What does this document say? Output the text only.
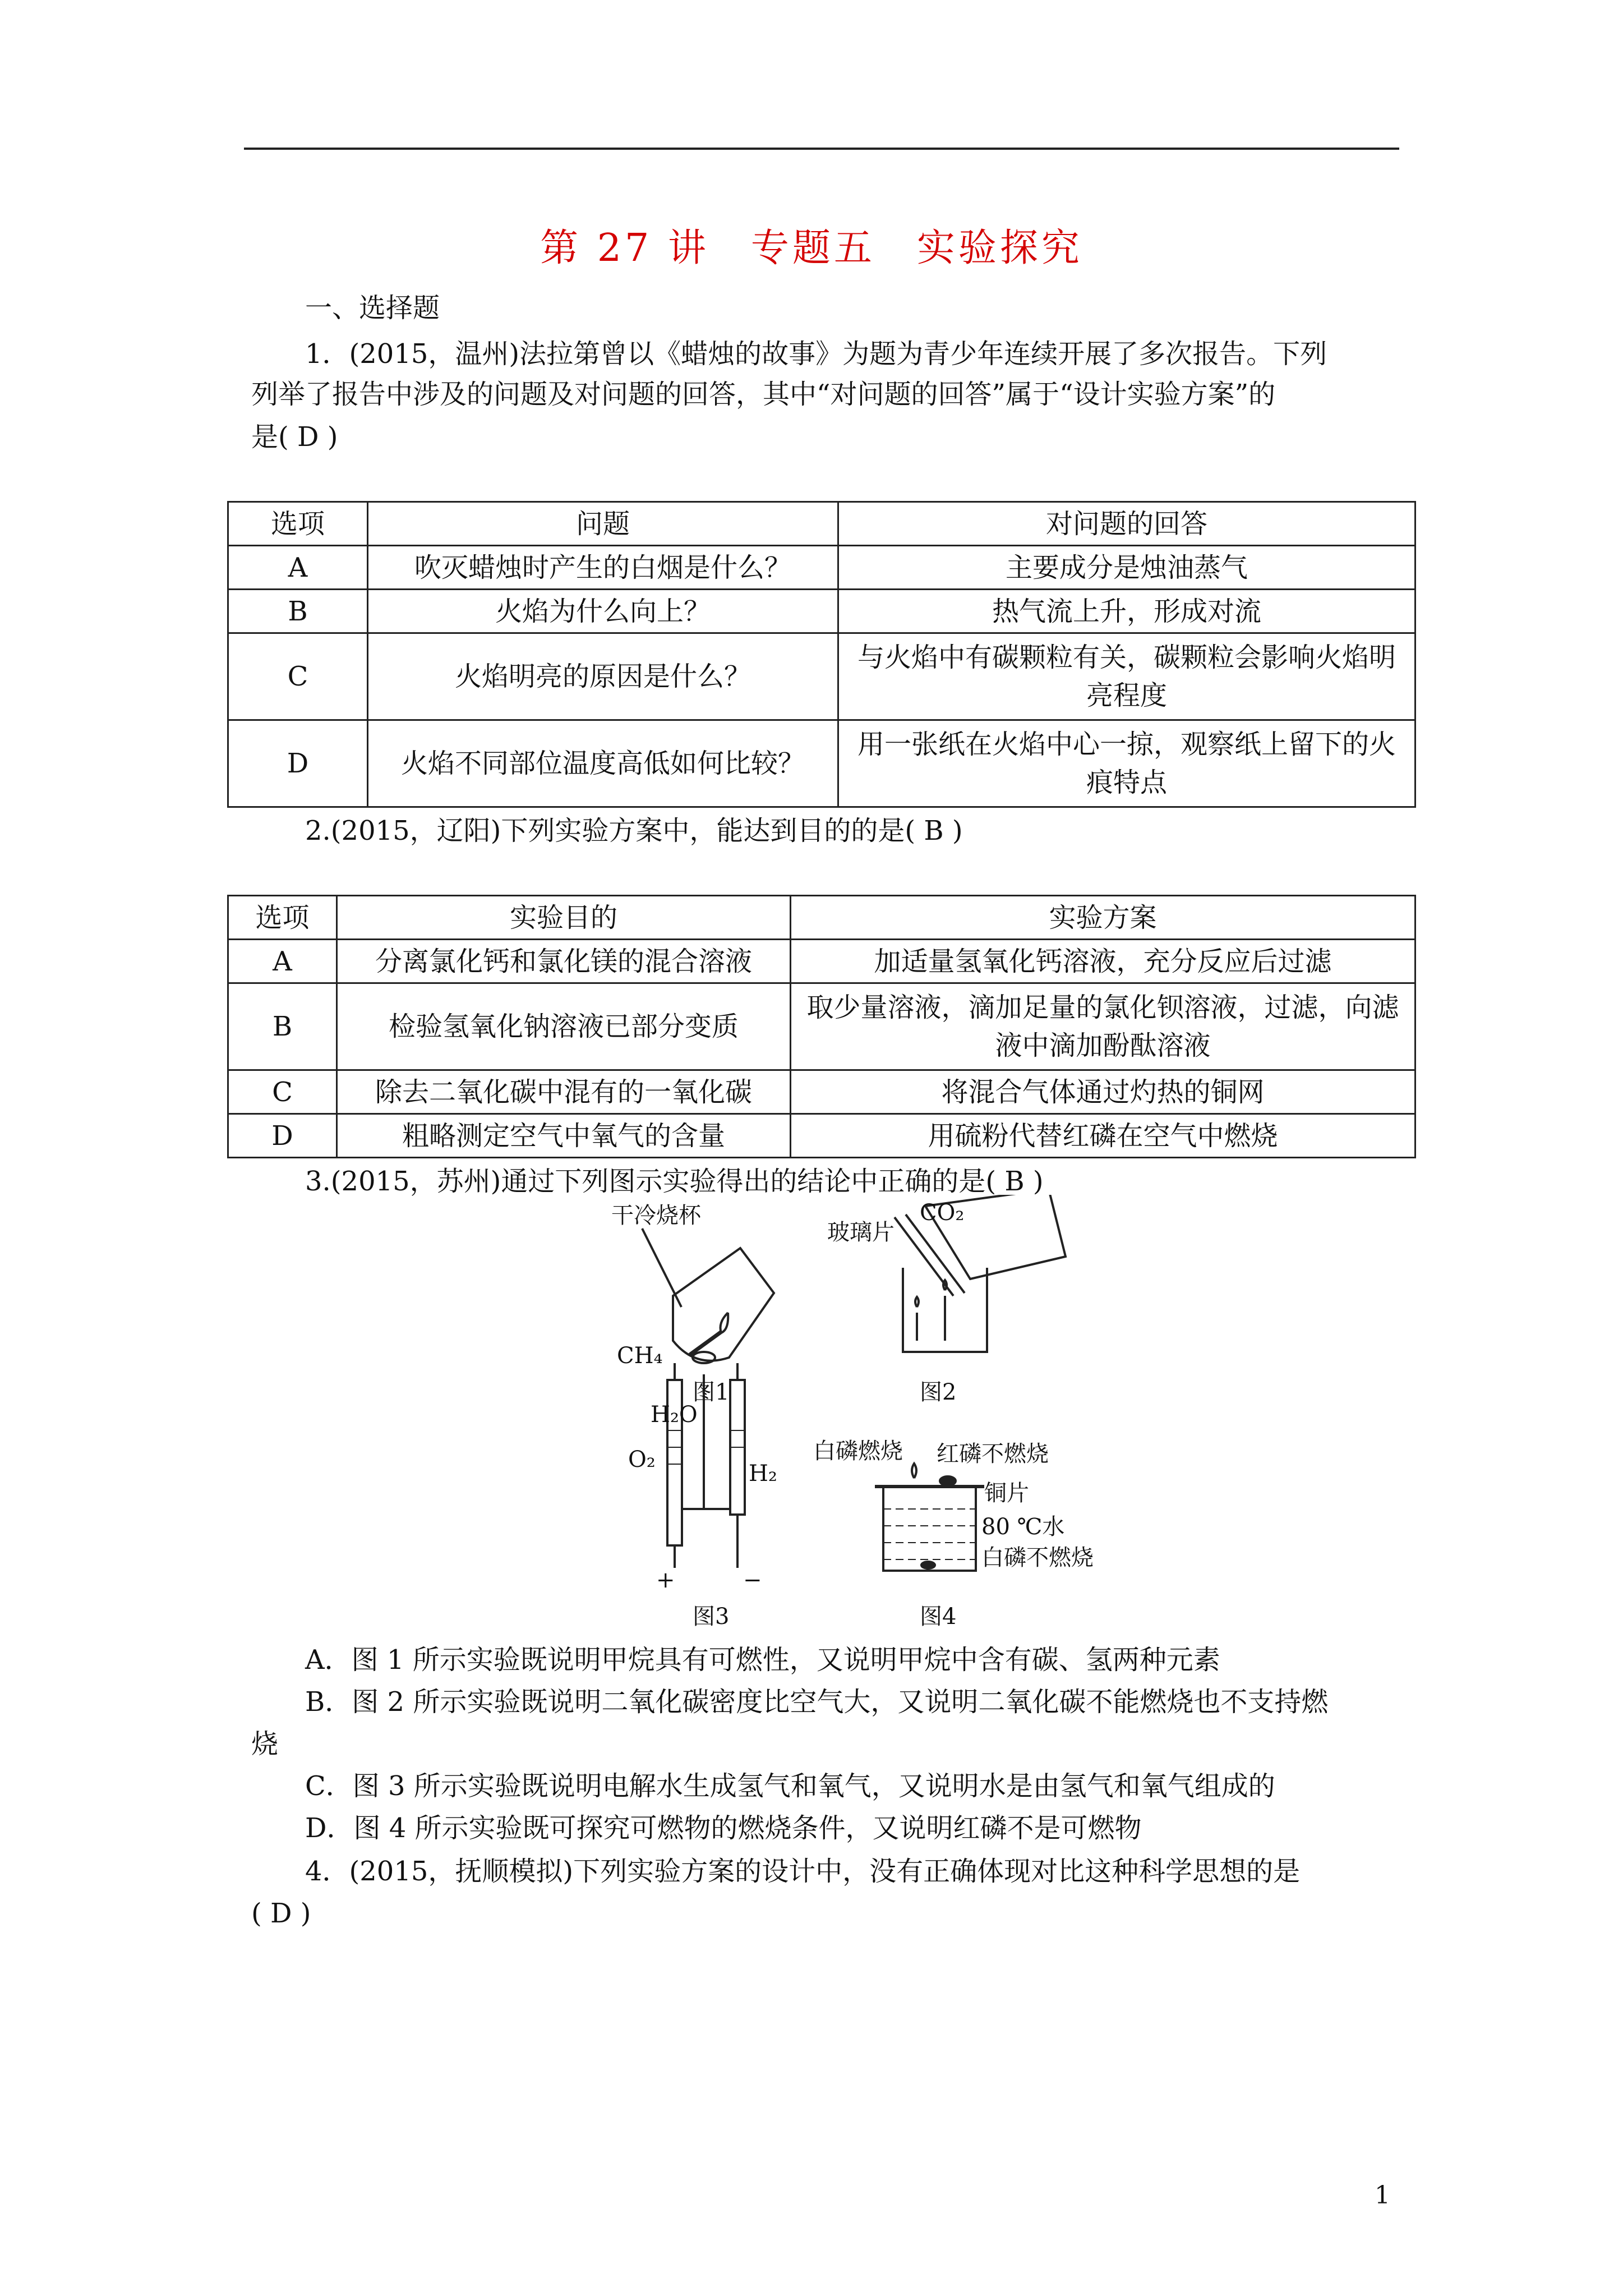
第 27 讲　专题五　实验探究
一、选择题
1．(2015，温州)法拉第曾以《蜡烛的故事》为题为青少年连续开展了多次报告。下列
列举了报告中涉及的问题及对问题的回答，其中“对问题的回答”属于“设计实验方案”的
是( D )
选项	问题	对问题的回答
A	吹灭蜡烛时产生的白烟是什么？	主要成分是烛油蒸气
B	火焰为什么向上？	热气流上升，形成对流
C	火焰明亮的原因是什么？	与火焰中有碳颗粒有关，碳颗粒会影响火焰明亮程度
D	火焰不同部位温度高低如何比较？	用一张纸在火焰中心一掠，观察纸上留下的火痕特点
2.(2015，辽阳)下列实验方案中，能达到目的的是( B )
选项	实验目的	实验方案
A	分离氯化钙和氯化镁的混合溶液	加适量氢氧化钙溶液，充分反应后过滤
B	检验氢氧化钠溶液已部分变质	取少量溶液，滴加足量的氯化钡溶液，过滤，向滤液中滴加酚酞溶液
C	除去二氧化碳中混有的一氧化碳	将混合气体通过灼热的铜网
D	粗略测定空气中氧气的含量	用硫粉代替红磷在空气中燃烧
3.(2015，苏州)通过下列图示实验得出的结论中正确的是( B )
干冷烧杯
CH₄
图1
玻璃片
CO₂
图2
H₂O
O₂
H₂
+	−
图3
白磷燃烧 红磷不燃烧
铜片
80 ℃水
白磷不燃烧
图4
A．图 1 所示实验既说明甲烷具有可燃性，又说明甲烷中含有碳、氢两种元素
B．图 2 所示实验既说明二氧化碳密度比空气大，又说明二氧化碳不能燃烧也不支持燃
烧
C．图 3 所示实验既说明电解水生成氢气和氧气，又说明水是由氢气和氧气组成的
D．图 4 所示实验既可探究可燃物的燃烧条件，又说明红磷不是可燃物
4．(2015，抚顺模拟)下列实验方案的设计中，没有正确体现对比这种科学思想的是
( D )
1
